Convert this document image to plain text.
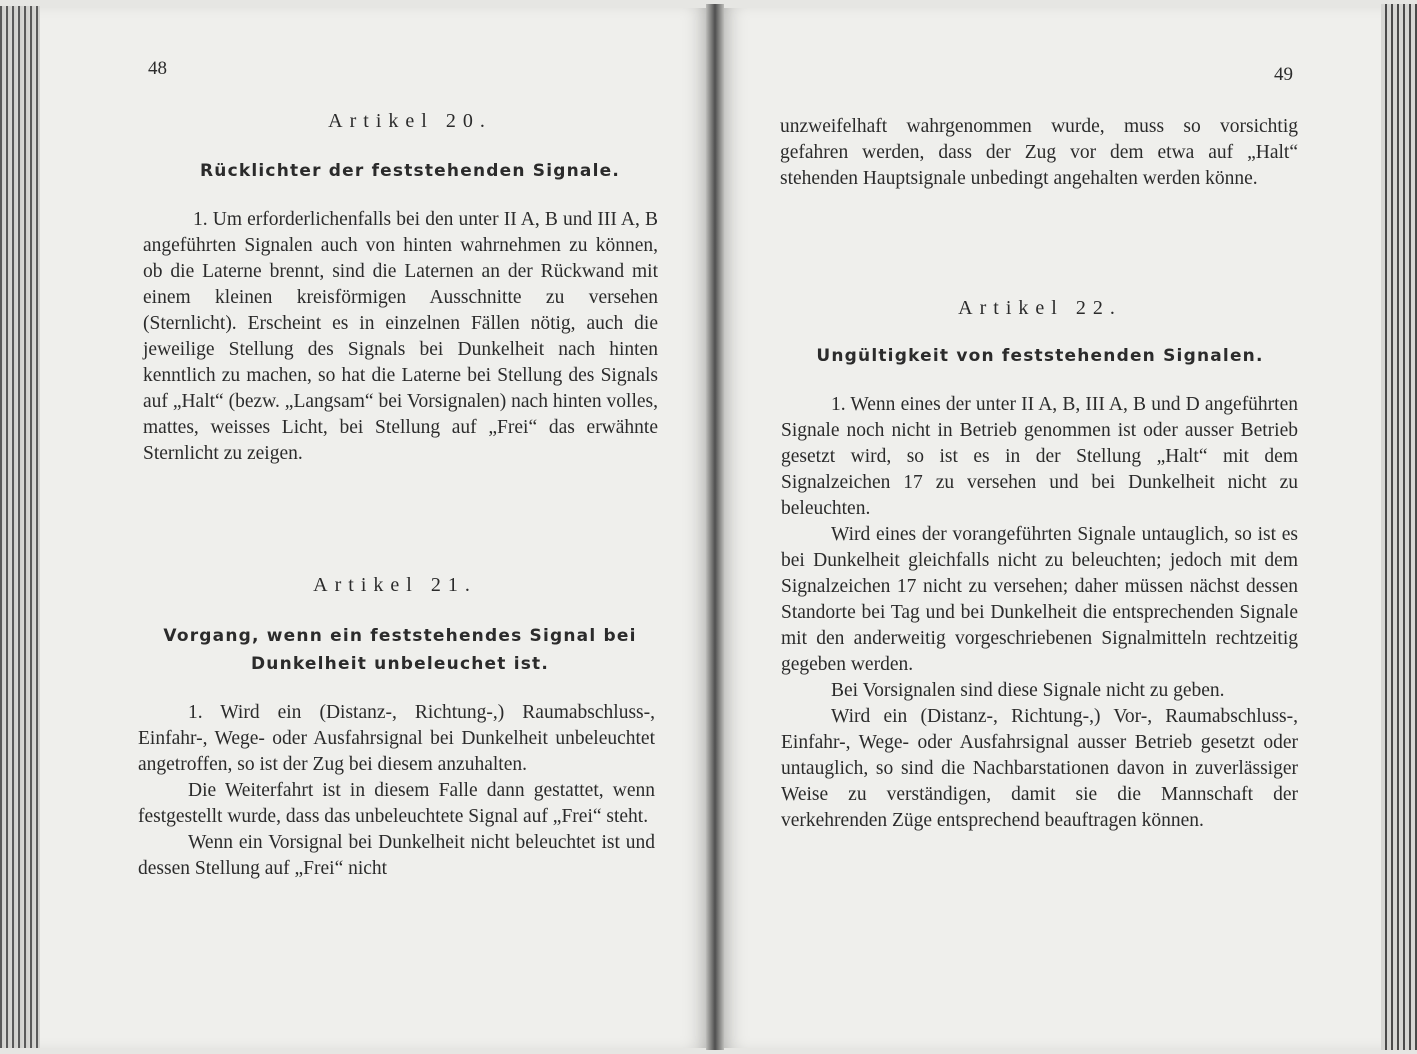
48
Artikel 20.
Rücklichter der feststehenden Signale.

1. Um erforderlichenfalls bei den unter II A, B und III A, B angeführten Signalen auch von hinten wahrnehmen zu können, ob die Laterne brennt, sind die Laternen an der Rückwand mit einem kleinen kreisförmigen Ausschnitte zu versehen (Sternlicht). Erscheint es in einzelnen Fällen nötig, auch die jeweilige Stellung des Signals bei Dunkelheit nach hinten kenntlich zu machen, so hat die Laterne bei Stellung des Signals auf „Halt“ (bezw. „Langsam“ bei Vorsignalen) nach hinten volles, mattes, weisses Licht, bei Stellung auf „Frei“ das erwähnte Sternlicht zu zeigen.

Artikel 21.
Vorgang, wenn ein feststehendes Signal bei Dunkelheit unbeleuchet ist.

1. Wird ein (Distanz-, Richtung-,) Raumabschluss-, Einfahr-, Wege- oder Ausfahrsignal bei Dunkelheit unbeleuchtet angetroffen, so ist der Zug bei diesem anzuhalten.

Die Weiterfahrt ist in diesem Falle dann gestattet, wenn festgestellt wurde, dass das unbeleuchtete Signal auf „Frei“ steht.

Wenn ein Vorsignal bei Dunkelheit nicht beleuchtet ist und dessen Stellung auf „Frei“ nicht

49

unzweifelhaft wahrgenommen wurde, muss so vorsichtig gefahren werden, dass der Zug vor dem etwa auf „Halt“ stehenden Hauptsignale unbedingt angehalten werden könne.

Artikel 22.
Ungültigkeit von feststehenden Signalen.

1. Wenn eines der unter II A, B, III A, B und D angeführten Signale noch nicht in Betrieb genommen ist oder ausser Betrieb gesetzt wird, so ist es in der Stellung „Halt“ mit dem Signalzeichen 17 zu versehen und bei Dunkelheit nicht zu beleuchten.

Wird eines der vorangeführten Signale untauglich, so ist es bei Dunkelheit gleichfalls nicht zu beleuchten; jedoch mit dem Signalzeichen 17 nicht zu versehen; daher müssen nächst dessen Standorte bei Tag und bei Dunkelheit die entsprechenden Signale mit den anderweitig vorgeschriebenen Signalmitteln rechtzeitig gegeben werden.

Bei Vorsignalen sind diese Signale nicht zu geben.

Wird ein (Distanz-, Richtung-,) Vor-, Raumabschluss-, Einfahr-, Wege- oder Ausfahrsignal ausser Betrieb gesetzt oder untauglich, so sind die Nachbarstationen davon in zuverlässiger Weise zu verständigen, damit sie die Mannschaft der verkehrenden Züge entsprechend beauftragen können.
